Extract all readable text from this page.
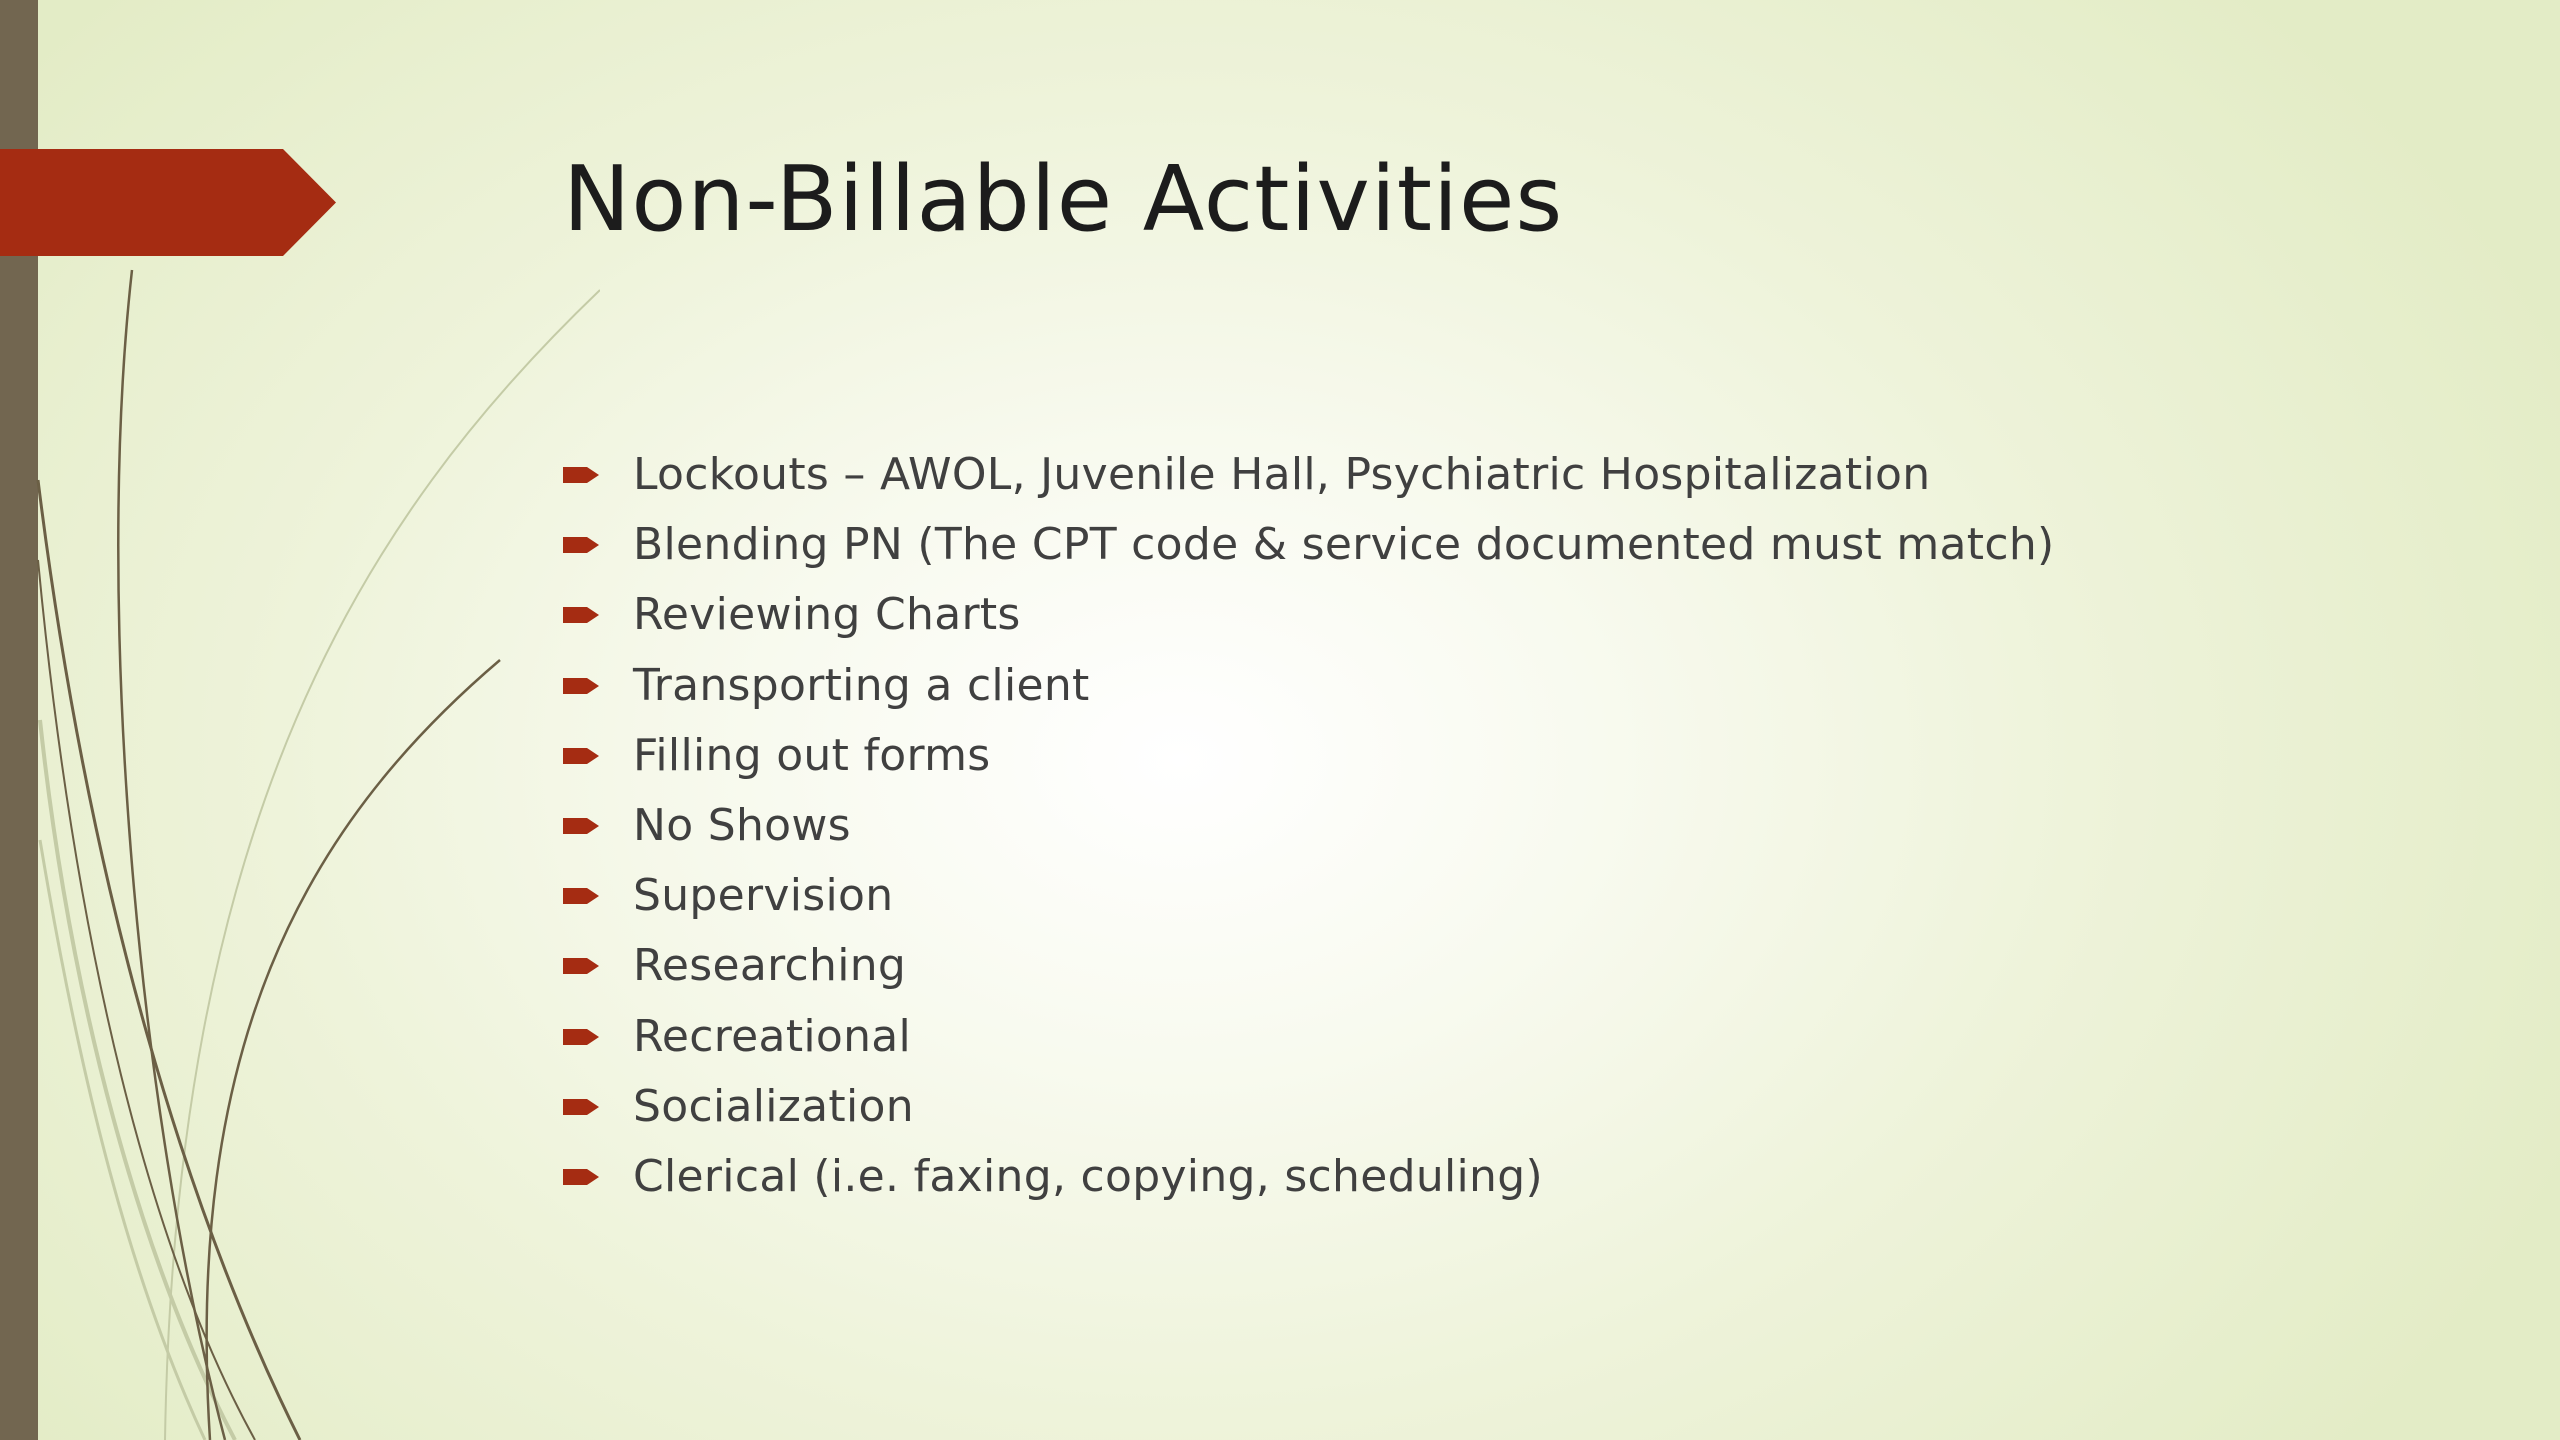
Non-Billable Activities
Lockouts – AWOL, Juvenile Hall, Psychiatric Hospitalization
Blending PN (The CPT code & service documented must match)
Reviewing Charts
Transporting a client
Filling out forms
No Shows
Supervision
Researching
Recreational
Socialization
Clerical (i.e. faxing, copying, scheduling)
